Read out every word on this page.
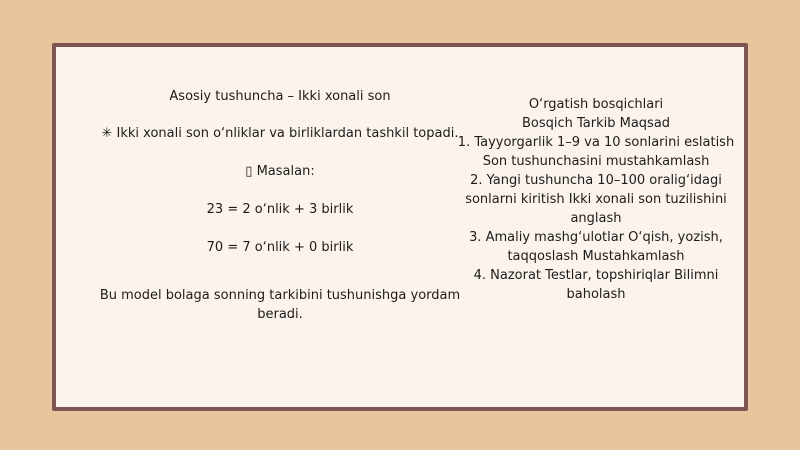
Asosiy tushuncha – Ikki xonali son

✳ Ikki xonali son o‘nliklar va birliklardan tashkil topadi.

▯ Masalan:

23 = 2 o‘nlik + 3 birlik

70 = 7 o‘nlik + 0 birlik

Bu model bolaga sonning tarkibini tushunishga yordam beradi.

O‘rgatish bosqichlari
Bosqich Tarkib Maqsad
1. Tayyorgarlik 1–9 va 10 sonlarini eslatish Son tushunchasini mustahkamlash
2. Yangi tushuncha 10–100 oralig‘idagi sonlarni kiritish Ikki xonali son tuzilishini anglash
3. Amaliy mashg‘ulotlar O‘qish, yozish, taqqoslash Mustahkamlash
4. Nazorat Testlar, topshiriqlar Bilimni baholash
